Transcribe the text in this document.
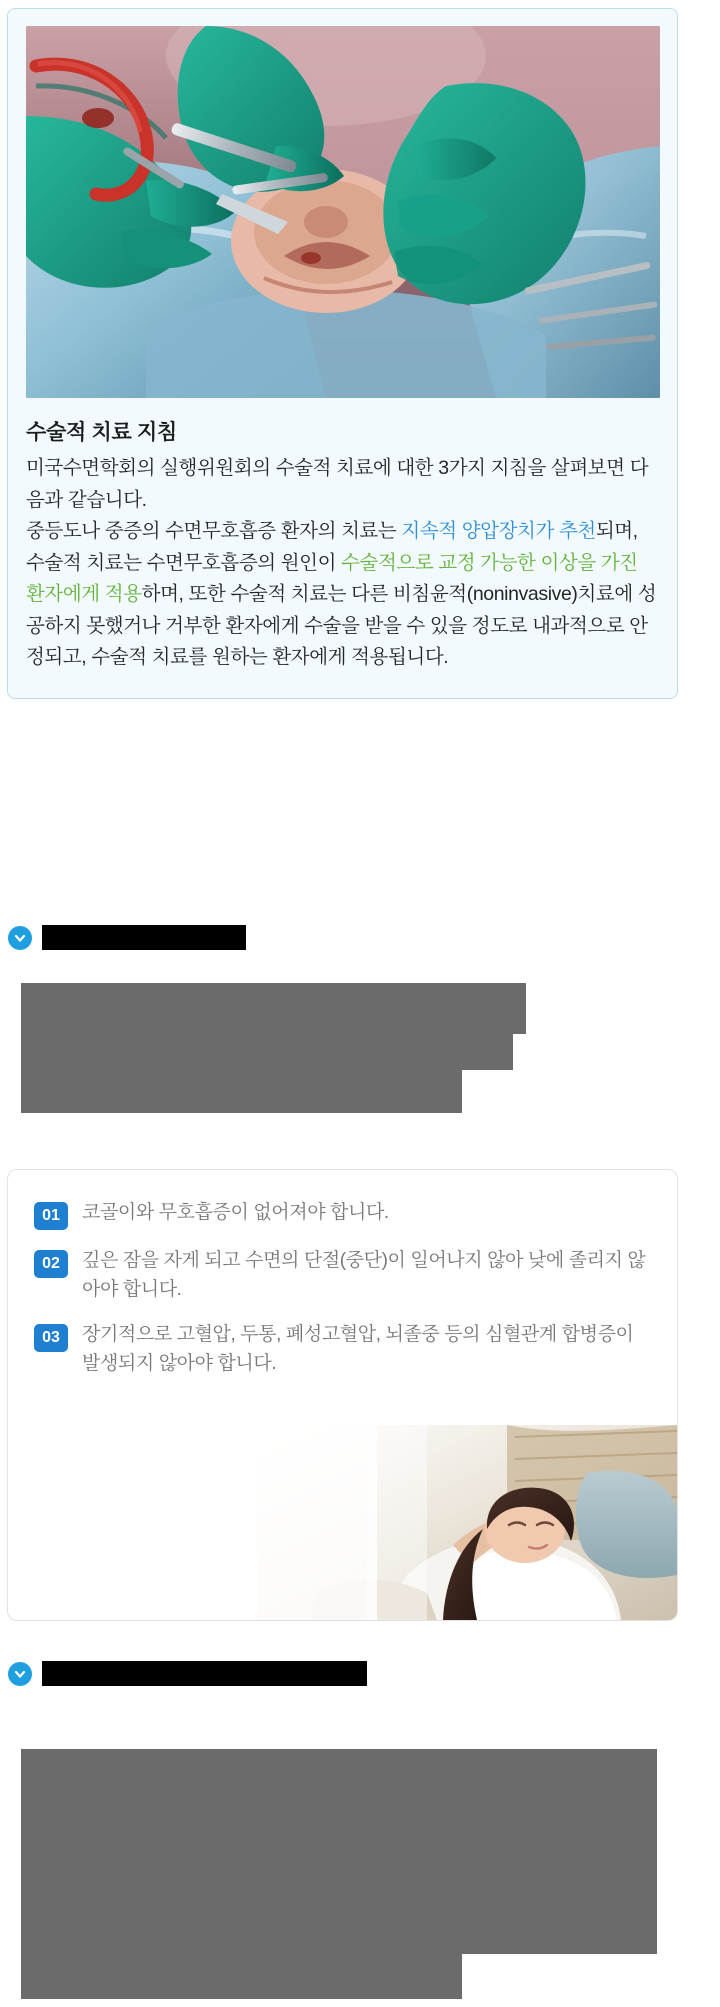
수술적 치료 지침
미국수면학회의 실행위원회의 수술적 치료에 대한 3가지 지침을 살펴보면 다음과 같습니다.
중등도나 중증의 수면무호흡증 환자의 치료는 지속적 양압장치가 추천되며, 수술적 치료는 수면무호흡증의 원인이 수술적으로 교정 가능한 이상을 가진 환자에게 적용하며, 또한 수술적 치료는 다른 비침윤적(noninvasive)치료에 성공하지 못했거나 거부한 환자에게 수술을 받을 수 있을 정도로 내과적으로 안정되고, 수술적 치료를 원하는 환자에게 적용됩니다.
01	코골이와 무호흡증이 없어져야 합니다.
02	깊은 잠을 자게 되고 수면의 단절(중단)이 일어나지 않아 낮에 졸리지 않아야 합니다.
03	장기적으로 고혈압, 두통, 폐성고혈압, 뇌졸중 등의 심혈관계 합병증이 발생되지 않아야 합니다.
